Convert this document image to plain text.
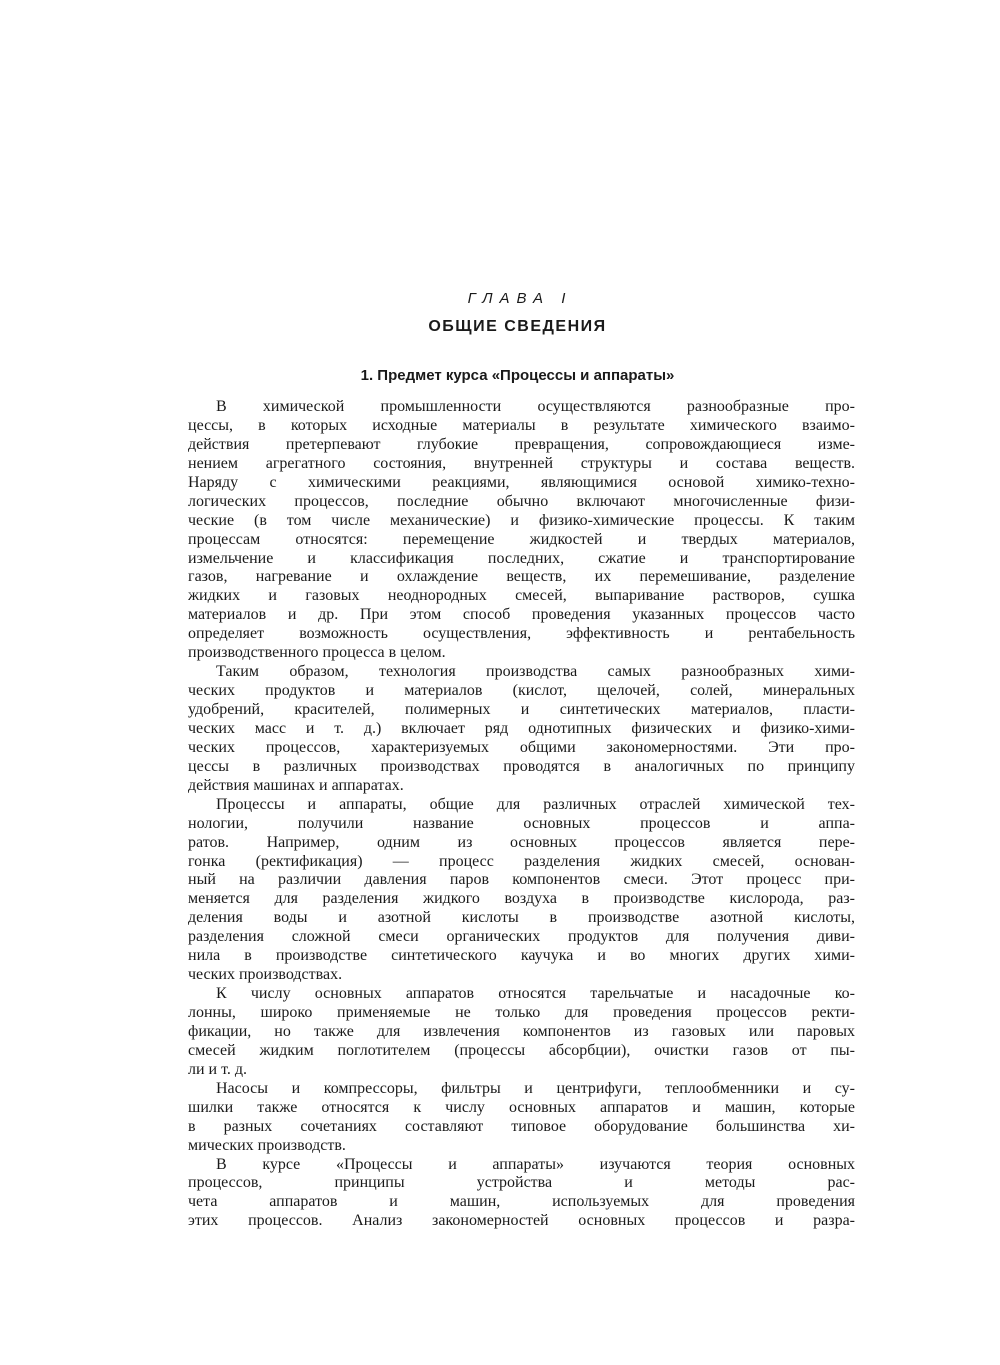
ГЛАВА I
ОБЩИЕ СВЕДЕНИЯ
1. Предмет курса «Процессы и аппараты»
В химической промышленности осуществляются разнообразные про-
цессы, в которых исходные материалы в результате химического взаимо-
действия претерпевают глубокие превращения, сопровождающиеся изме-
нением агрегатного состояния, внутренней структуры и состава веществ.
Наряду с химическими реакциями, являющимися основой химико-техно-
логических процессов, последние обычно включают многочисленные физи-
ческие (в том числе механические) и физико-химические процессы. К таким
процессам относятся: перемещение жидкостей и твердых материалов,
измельчение и классификация последних, сжатие и транспортирование
газов, нагревание и охлаждение веществ, их перемешивание, разделение
жидких и газовых неоднородных смесей, выпаривание растворов, сушка
материалов и др. При этом способ проведения указанных процессов часто
определяет возможность осуществления, эффективность и рентабельность
производственного процесса в целом.
Таким образом, технология производства самых разнообразных хими-
ческих продуктов и материалов (кислот, щелочей, солей, минеральных
удобрений, красителей, полимерных и синтетических материалов, пласти-
ческих масс и т. д.) включает ряд однотипных физических и физико-хими-
ческих процессов, характеризуемых общими закономерностями. Эти про-
цессы в различных производствах проводятся в аналогичных по принципу
действия машинах и аппаратах.
Процессы и аппараты, общие для различных отраслей химической тех-
нологии, получили название основных процессов и аппа-
ратов. Например, одним из основных процессов является пере-
гонка (ректификация) — процесс разделения жидких смесей, основан-
ный на различии давления паров компонентов смеси. Этот процесс при-
меняется для разделения жидкого воздуха в производстве кислорода, раз-
деления воды и азотной кислоты в производстве азотной кислоты,
разделения сложной смеси органических продуктов для получения диви-
нила в производстве синтетического каучука и во многих других хими-
ческих производствах.
К числу основных аппаратов относятся тарельчатые и насадочные ко-
лонны, широко применяемые не только для проведения процессов ректи-
фикации, но также для извлечения компонентов из газовых или паровых
смесей жидким поглотителем (процессы абсорбции), очистки газов от пы-
ли и т. д.
Насосы и компрессоры, фильтры и центрифуги, теплообменники и су-
шилки также относятся к числу основных аппаратов и машин, которые
в разных сочетаниях составляют типовое оборудование большинства хи-
мических производств.
В курсе «Процессы и аппараты» изучаются теория основных
процессов, принципы устройства и методы рас-
чета аппаратов и машин, используемых для проведения
этих процессов. Анализ закономерностей основных процессов и разра-
